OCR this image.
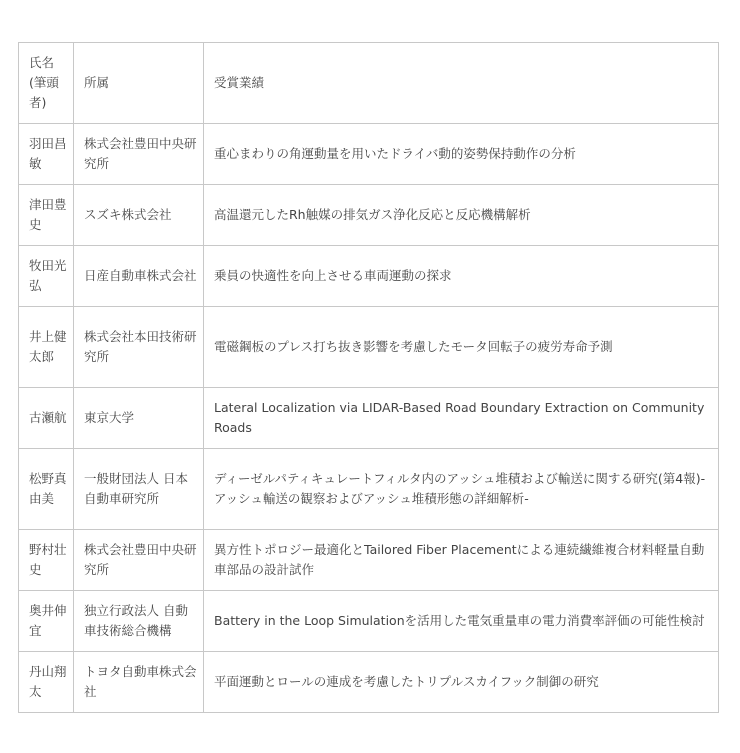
氏名(筆頭者)	所属	受賞業績
羽田昌敏	株式会社豊田中央研究所	重心まわりの角運動量を用いたドライバ動的姿勢保持動作の分析
津田豊史	スズキ株式会社	高温還元したRh触媒の排気ガス浄化反応と反応機構解析
牧田光弘	日産自動車株式会社	乗員の快適性を向上させる車両運動の探求
井上健太郎	株式会社本田技術研究所	電磁鋼板のプレス打ち抜き影響を考慮したモータ回転子の疲労寿命予測
古瀬航	東京大学	Lateral Localization via LIDAR-Based Road Boundary Extraction on Community Roads
松野真由美	一般財団法人 日本自動車研究所	ディーゼルパティキュレートフィルタ内のアッシュ堆積および輸送に関する研究(第4報)-アッシュ輸送の観察およびアッシュ堆積形態の詳細解析-
野村壮史	株式会社豊田中央研究所	異方性トポロジー最適化とTailored Fiber Placementによる連続繊維複合材料軽量自動車部品の設計試作
奥井伸宜	独立行政法人 自動車技術総合機構	Battery in the Loop Simulationを活用した電気重量車の電力消費率評価の可能性検討
丹山翔太	トヨタ自動車株式会社	平面運動とロールの連成を考慮したトリプルスカイフック制御の研究
